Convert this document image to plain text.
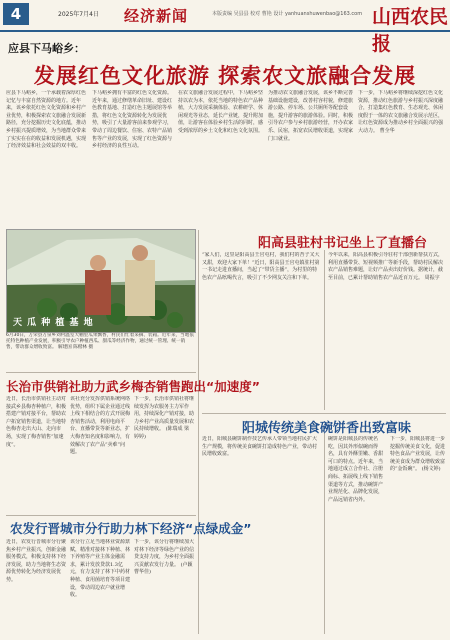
4	2025年7月4日 经济新闻	本版责编 吴县县 校对 曹艳 设计 yanhuanshuwenbao@163.com 山西农民报
应县下马峪乡：
发展红色文化旅游 探索农文旅融合发展
应县下马峪乡，一个承载着深厚红色记忆与丰富自然资源的地方。近年来，该乡依托红色文化资源和乡村产业优势，积极探索农文旅融合发展新路径，充分挖掘历史文化底蕴，推动乡村振兴提质增效，为当地群众带来了实实在在的收益和发展机遇，实现了经济效益和社会效益的双丰收。
下马峪乡拥有丰富的红色文化资源。近年来，通过修缮革命旧址、建设红色教育基地、打造红色主题展馆等举措，将红色文化资源转化为发展优势，吸引了大量游客前来参观学习，带动了周边餐饮、住宿、农特产品销售等产业的发展，实现了红色资源与乡村经济的良性互动。
在农文旅融合发展过程中，下马峪乡坚持以农为本，依托当地的特色农产品种植，大力发展采摘体验、农耕研学、休闲观光等业态，延长产业链，提升附加值，让游客在体验乡村生活的同时，感受到浓厚的乡土文化和红色文化氛围。
为推动农文旅融合发展，该乡不断完善基础设施建设，改善村容村貌，修建旅游公路、停车场、公共厕所等配套设施，提升游客的旅游体验。同时，积极引导农户参与乡村旅游经营，开办农家乐、民宿，拓宽农民增收渠道，实现家门口就业。
下一步，下马峪乡将继续深挖红色文化资源，推动红色旅游与乡村振兴深度融合，打造集红色教育、生态观光、休闲度假于一体的农文旅融合发展示范区，让红色资源成为推动乡村全面振兴的强大动力。 曹全华
天 瓜 种 植 基 地
6月30日，万荣县万泉乡刘村温室大棚里瓜果飘香，村民们忙着采摘、装箱。近年来，当地依托特色种植产业发展，积极引导农户种植西瓜、甜瓜等经济作物，通过统一管理、统一销售，带动群众增收致富。 解建国 陈楷林 摄
长治市供销社助力武乡梅杏销售跑出“加速度”
近日，长治市供销社主动对接武乡县梅杏种植户，积极搭建产销对接平台，帮助农户拓宽销售渠道，让当地特色梅杏走出大山、走向市场，实现了梅杏销售“加速度”。
该社充分发挥供销系统网络优势，组织下属企业通过线上线下相结合的方式开展梅杏销售活动，利用电商平台、直播带货等新业态，扩大梅杏知名度和影响力，有效解决了农产品“卖难”问题。
下一步，长治市供销社将继续发挥为农服务主力军作用，持续深化产销对接，助力乡村产业高质量发展和农民持续增收。 (陈瑞成 梁婷婷)
农发行晋城市分行助力林下经济“点绿成金”
近日，农发行晋城市分行聚焦乡村产业振兴，创新金融服务模式，积极支持林下经济发展，助力当地将生态资源优势转化为经济发展优势。
该分行立足当地林业资源禀赋，精准对接林下种植、林下养殖等产业主体金融需求，累计发放贷款1.3亿元，有力支持了林下中药材种植、食用菌培育等项目建设，带动周边农户就业增收。
下一步，该分行将继续加大对林下经济等绿色产业的信贷支持力度，为乡村全面振兴贡献农发行力量。 (卢颖 曹华佳)
阳高县驻村书记坐上了直播台
“家人们，这里是阳高县王官屯村，我们村的杏子又大又甜，欢迎大家下单！”近日，阳高县王官屯镇驻村第一书记走进直播间，当起了“带货主播”，为村里的特色农产品吆喝代言，吸引了不少网友关注和下单。
今年以来，阳高县积极引导驻村干部创新帮扶方式，利用直播带货、短视频推广等新手段，帮助村民解决农产品销售难题，让好产品卖出好价钱。据统计，截至目前，已累计帮助销售农产品近百万元。 周振宇
阳城传统美食碗饼香出致富味
近日，阳城县碗饼制作技艺传承人带领当地村民扩大生产规模，将传统美食碗饼打造成特色产业，带动村民增收致富。
碗饼是阳城县的传统名吃，因其外形似碗而得名，具有外酥里嫩、香甜可口的特点。近年来，当地通过成立合作社、注册商标、拓展线上线下销售渠道等方式，推动碗饼产业规范化、品牌化发展，产品远销省内外。
下一步，阳城县将进一步挖掘传统美食文化，促进特色食品产业发展，让传统美食成为群众增收致富的“金饭碗”。 (杨文婷)
